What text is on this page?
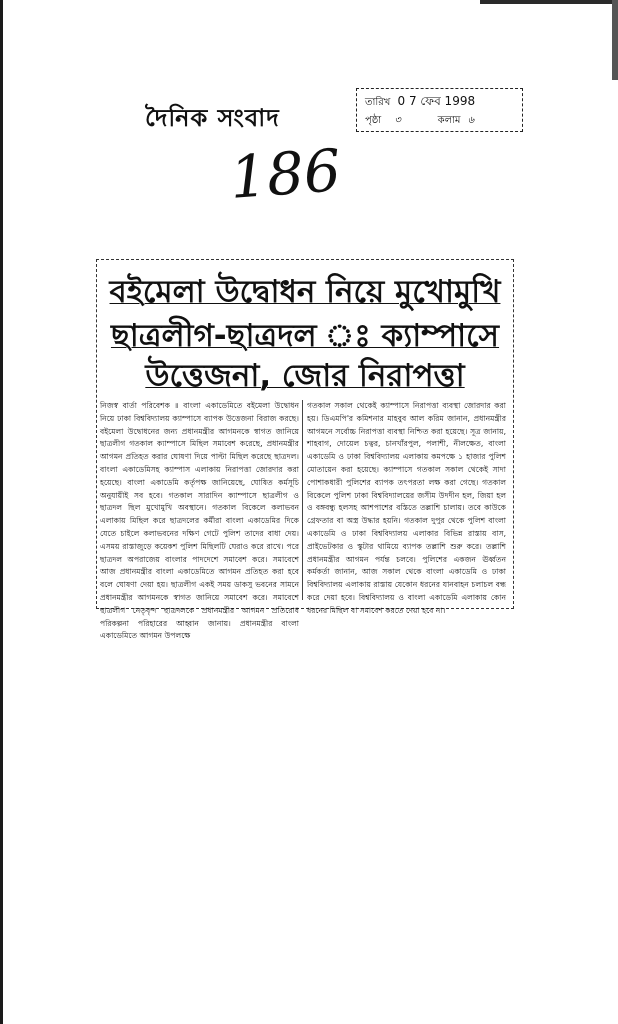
দৈনিক সংবাদ
তারিখ 0 7 ফেব 1998
পৃষ্ঠা ৩	কলাম ৬
186
বইমেলা উদ্বোধন নিয়ে মুখোমুখি
ছাত্রলীগ-ছাত্রদল ঃ ক্যাম্পাসে
উত্তেজনা, জোর নিরাপত্তা

নিজস্ব বার্তা পরিবেশক ॥ বাংলা একাডেমিতে বইমেলা উদ্বোধন নিয়ে ঢাকা বিশ্ববিদ্যালয় ক্যাম্পাসে ব্যাপক উত্তেজনা বিরাজ করছে। বইমেলা উদ্বোধনের জন্য প্রধানমন্ত্রীর আগমনকে স্বাগত জানিয়ে ছাত্রলীগ গতকাল ক্যাম্পাসে মিছিল সমাবেশ করেছে, প্রধানমন্ত্রীর আগমন প্রতিহত করার ঘোষণা দিয়ে পাল্টা মিছিল করেছে ছাত্রদল। বাংলা একাডেমিসহ ক্যাম্পাস এলাকায় নিরাপত্তা জোরদার করা হয়েছে। বাংলা একাডেমি কর্তৃপক্ষ জানিয়েছে, ঘোষিত কর্মসূচি অনুযায়ীই সব হবে। গতকাল সারাদিন ক্যাম্পাসে ছাত্রলীগ ও ছাত্রদল ছিল মুখোমুখি অবস্থানে। গতকাল বিকেলে কলাভবন এলাকায় মিছিল করে ছাত্রদলের কর্মীরা বাংলা একাডেমির দিকে যেতে চাইলে কলাভবনের দক্ষিণ গেটে পুলিশ তাদের বাধা দেয়। এসময় রাস্তাজুড়ে কয়েকশ পুলিশ মিছিলটি ঘেরাও করে রাখে। পরে ছাত্রদল অপরাজেয় বাংলার পাদদেশে সমাবেশ করে। সমাবেশে আজ প্রধানমন্ত্রীর বাংলা একাডেমিতে আগমন প্রতিহত করা হবে বলে ঘোষণা দেয়া হয়। ছাত্রলীগ একই সময় ডাকসু ভবনের সামনে প্রধানমন্ত্রীর আগমনকে স্বাগত জানিয়ে সমাবেশ করে। সমাবেশে ছাত্রলীগ নেতৃবৃন্দ ছাত্রদলকে প্রধানমন্ত্রীর আগমন প্রতিরোধ পরিকল্পনা পরিহারের আহ্বান জানায়। প্রধানমন্ত্রীর বাংলা একাডেমিতে আগমন উপলক্ষে

গতকাল সকাল থেকেই ক্যাম্পাসে নিরাপত্তা ব্যবস্থা জোরদার করা হয়। ডিএমপি'র কমিশনার মাহবুব আল করিম জানান, প্রধানমন্ত্রীর আগমনে সর্বোচ্চ নিরাপত্তা ব্যবস্থা নিশ্চিত করা হয়েছে। সূত্র জানায়, শাহবাগ, দোয়েল চত্বর, চানখাঁরপুল, পলাশী, নীলক্ষেত, বাংলা একাডেমি ও ঢাকা বিশ্ববিদ্যালয় এলাকায় কমপক্ষে ১ হাজার পুলিশ মোতায়েন করা হয়েছে। ক্যাম্পাসে গতকাল সকাল থেকেই সাদা পোশাকধারী পুলিশের ব্যাপক তৎপরতা লক্ষ করা গেছে। গতকাল বিকেলে পুলিশ ঢাকা বিশ্ববিদ্যালয়ের জসীম উদদীন হল, জিয়া হল ও বঙ্গবন্ধু হলসহ আশপাশের বস্তিতে তল্লাশি চালায়। তবে কাউকে গ্রেফতার বা অস্ত্র উদ্ধার হয়নি। গতকাল দুপুর থেকে পুলিশ বাংলা একাডেমি ও ঢাকা বিশ্ববিদ্যালয় এলাকার বিভিন্ন রাস্তায় বাস, প্রাইভেটকার ও স্কুটার থামিয়ে ব্যাপক তল্লাশি শুরু করে। তল্লাশি প্রধানমন্ত্রীর আগমন পর্যন্ত চলবে। পুলিশের একজন ঊর্ধ্বতন কর্মকর্তা জানান, আজ সকাল থেকে বাংলা একাডেমি ও ঢাকা বিশ্ববিদ্যালয় এলাকায় রাস্তায় যেকোন ধরনের যানবাহন চলাচল বন্ধ করে দেয়া হবে। বিশ্ববিদ্যালয় ও বাংলা একাডেমি এলাকায় কোন ধরনের মিছিল বা সমাবেশ করতে দেয়া হবে না।
